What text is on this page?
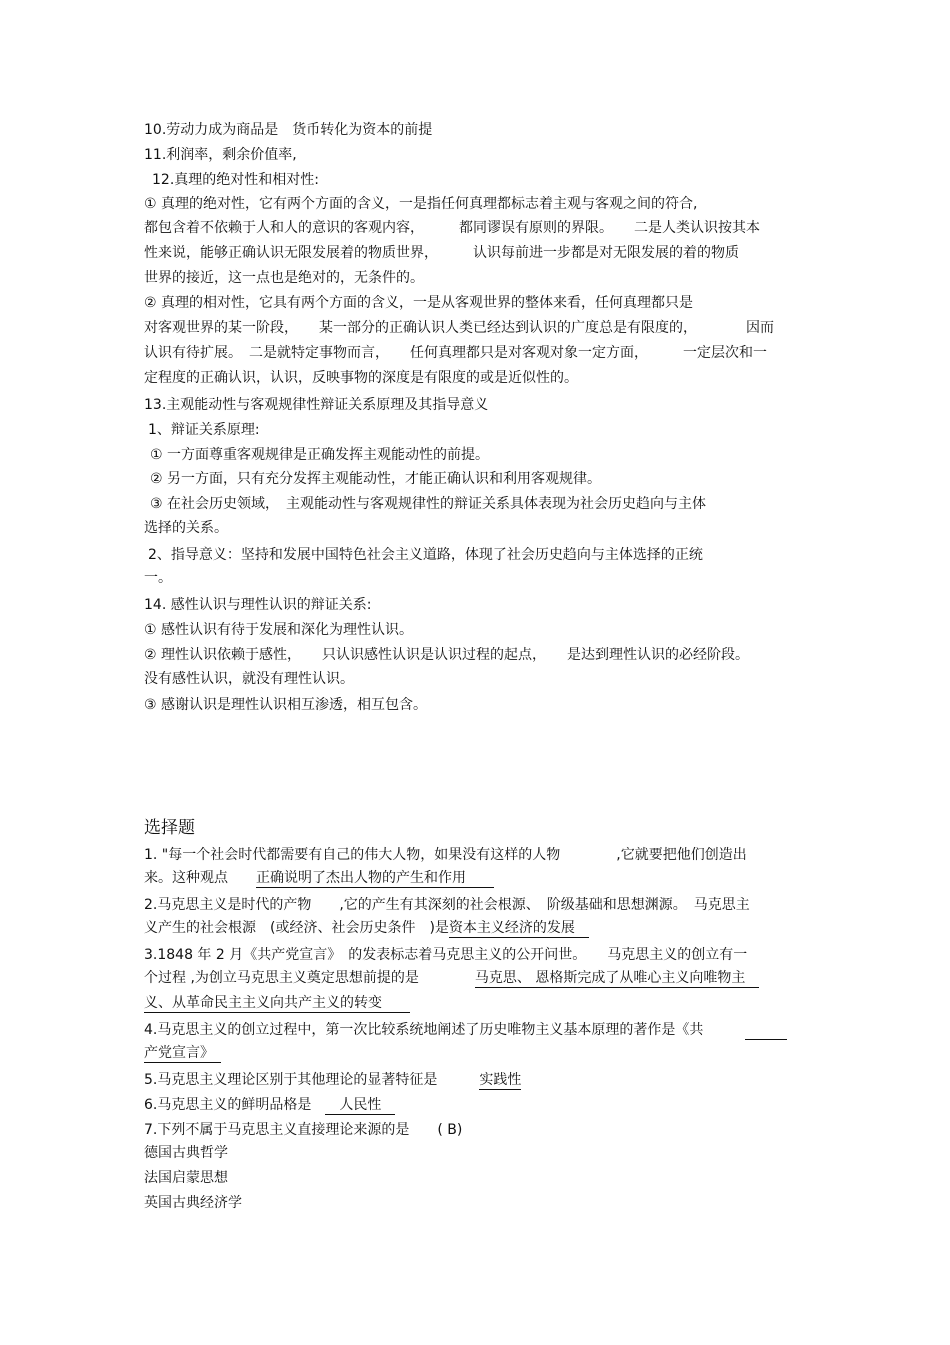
10.劳动力成为商品是　货币转化为资本的前提

11.利润率，剩余价值率,

12.真理的绝对性和相对性:

① 真理的绝对性，它有两个方面的含义，一是指任何真理都标志着主观与客观之间的符合,

都包含着不依赖于人和人的意识的客观内容，　　　都同谬误有原则的界限。　　二是人类认识按其本

性来说，能够正确认识无限发展着的物质世界，　　　认识每前进一步都是对无限发展的着的物质

世界的接近，这一点也是绝对的，无条件的。

② 真理的相对性，它具有两个方面的含义，一是从客观世界的整体来看，任何真理都只是

对客观世界的某一阶段，　　某一部分的正确认识人类已经达到认识的广度总是有限度的，　　　　因而

认识有待扩展。　二是就特定事物而言，　　任何真理都只是对客观对象一定方面，　　　一定层次和一

定程度的正确认识，认识，反映事物的深度是有限度的或是近似性的。

13.主观能动性与客观规律性辩证关系原理及其指导意义

1、辩证关系原理:

① 一方面尊重客观规律是正确发挥主观能动性的前提。

② 另一方面，只有充分发挥主观能动性，才能正确认识和利用客观规律。

③ 在社会历史领域，　主观能动性与客观规律性的辩证关系具体表现为社会历史趋向与主体

选择的关系。

2、指导意义：坚持和发展中国特色社会主义道路，体现了社会历史趋向与主体选择的正统

一。

14. 感性认识与理性认识的辩证关系:

① 感性认识有待于发展和深化为理性认识。

② 理性认识依赖于感性，　　只认识感性认识是认识过程的起点，　　是达到理性认识的必经阶段。

没有感性认识，就没有理性认识。

③ 感谢认识是理性认识相互渗透，相互包含。

选择题

1. "每一个社会时代都需要有自己的伟大人物，如果没有这样的人物　　　　,它就要把他们创造出

来。这种观点　　正确说明了杰出人物的产生和作用　　

2.马克思主义是时代的产物　　,它的产生有其深刻的社会根源、　阶级基础和思想渊源。　马克思主

义产生的社会根源　(或经济、社会历史条件　)是资本主义经济的发展　

3.1848 年 2 月《共产党宣言》　的发表标志着马克思主义的公开问世。　　马克思主义的创立有一

个过程 ,为创立马克思主义奠定思想前提的是　　　　马克思、 恩格斯完成了从唯心主义向唯物主　

义、从革命民主主义向共产主义的转变　　

4.马克思主义的创立过程中，第一次比较系统地阐述了历史唯物主义基本原理的著作是《共　　　　　　

产党宣言》　

5.马克思主义理论区别于其他理论的显著特征是　　　实践性

6.马克思主义的鲜明品格是　　人民性　

7.下列不属于马克思主义直接理论来源的是　　( B)

德国古典哲学

法国启蒙思想

英国古典经济学
